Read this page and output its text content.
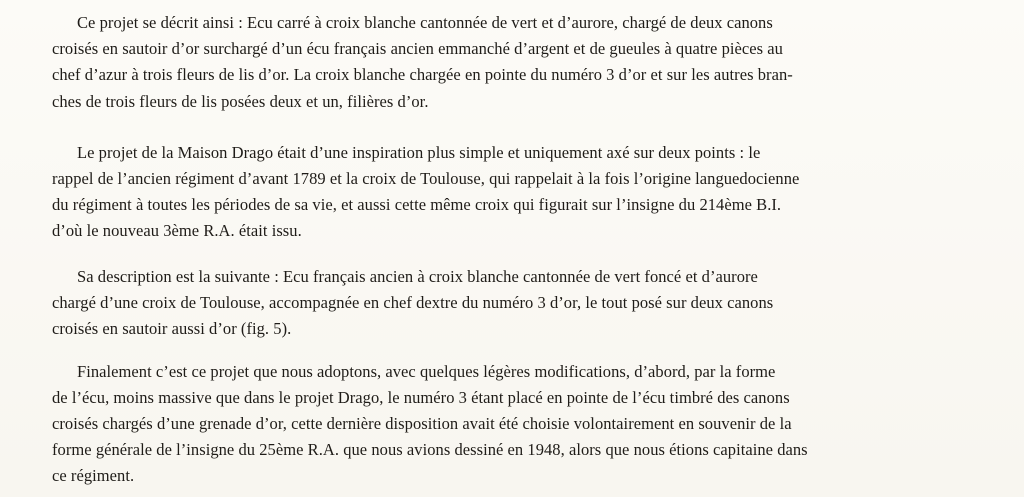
Ce projet se décrit ainsi : Ecu carré à croix blanche cantonnée de vert et d’aurore, chargé de deux canons
croisés en sautoir d’or surchargé d’un écu français ancien emmanché d’argent et de gueules à quatre pièces au
chef d’azur à trois fleurs de lis d’or. La croix blanche chargée en pointe du numéro 3 d’or et sur les autres bran-
ches de trois fleurs de lis posées deux et un, filières d’or.
Le projet de la Maison Drago était d’une inspiration plus simple et uniquement axé sur deux points : le
rappel de l’ancien régiment d’avant 1789 et la croix de Toulouse, qui rappelait à la fois l’origine languedocienne
du régiment à toutes les périodes de sa vie, et aussi cette même croix qui figurait sur l’insigne du 214ème B.I.
d’où le nouveau 3ème R.A. était issu.
Sa description est la suivante : Ecu français ancien à croix blanche cantonnée de vert foncé et d’aurore
chargé d’une croix de Toulouse, accompagnée en chef dextre du numéro 3 d’or, le tout posé sur deux canons
croisés en sautoir aussi d’or (fig. 5).
Finalement c’est ce projet que nous adoptons, avec quelques légères modifications, d’abord, par la forme
de l’écu, moins massive que dans le projet Drago, le numéro 3 étant placé en pointe de l’écu timbré des canons
croisés chargés d’une grenade d’or, cette dernière disposition avait été choisie volontairement en souvenir de la
forme générale de l’insigne du 25ème R.A. que nous avions dessiné en 1948, alors que nous étions capitaine dans
ce régiment.
